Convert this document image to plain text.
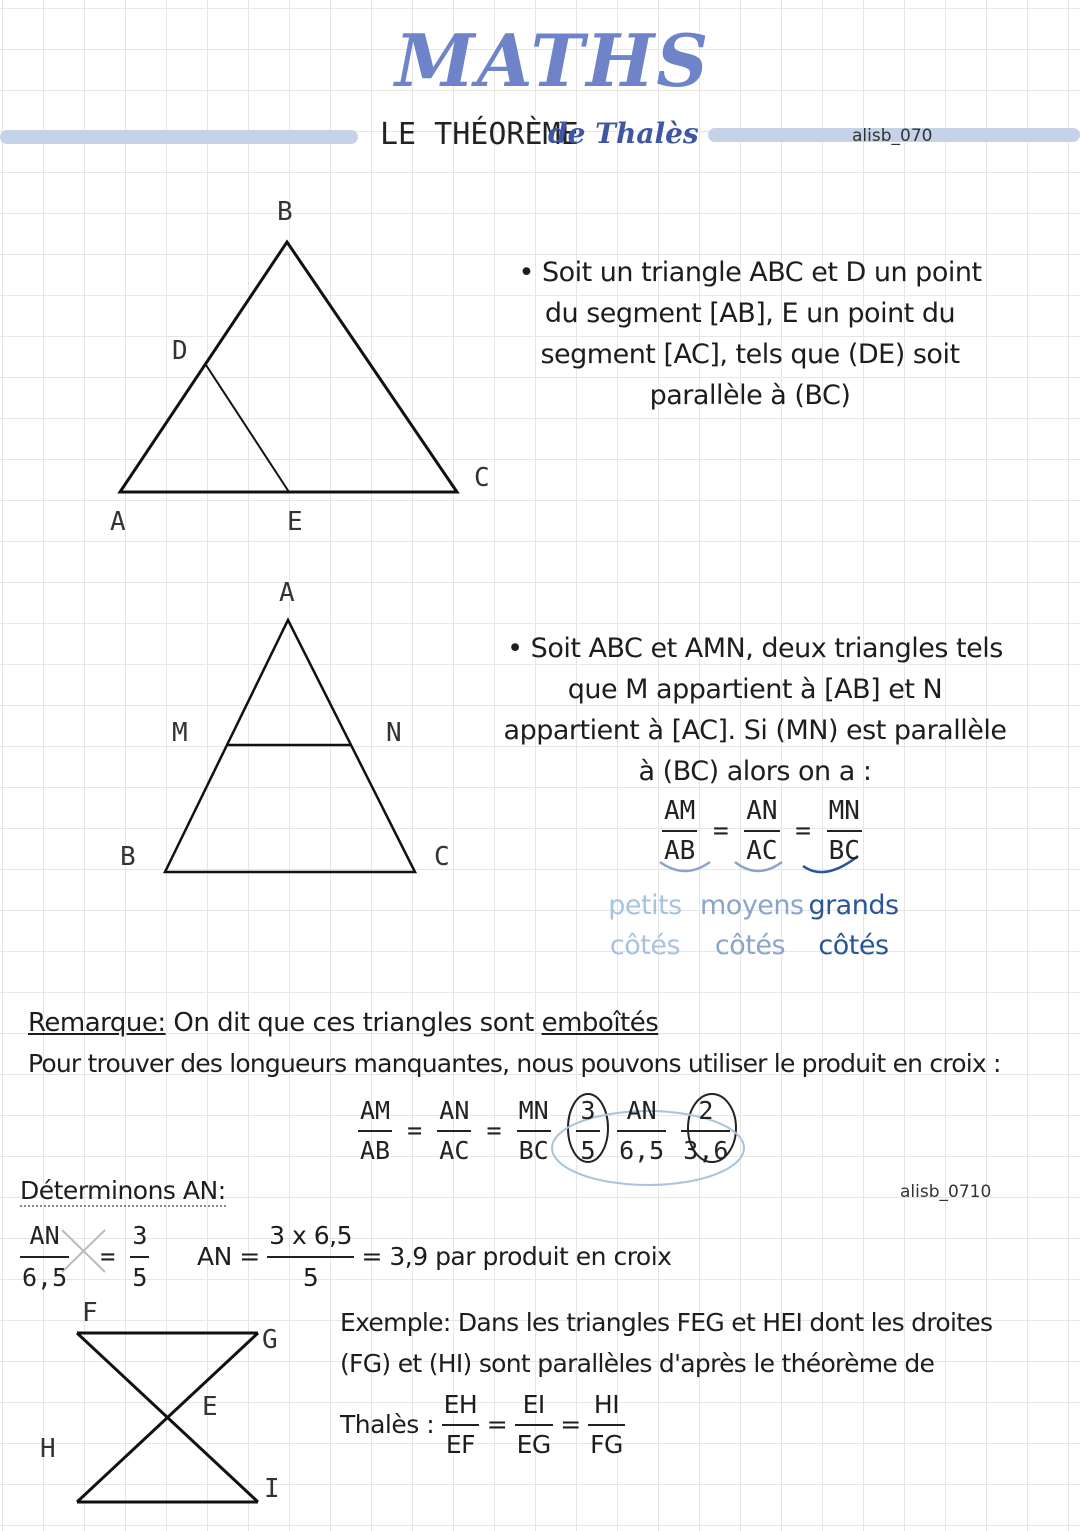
MATHS
LE THÉORÈME
de Thalès	alisb_070
B
D
A	E
C
• Soit un triangle ABC et D un point
du segment [AB], E un point du
segment [AC], tels que (DE) soit
parallèle à (BC)
A
M	N
B	C
• Soit ABC et AMN, deux triangles tels
que M appartient à [AB] et N
appartient à [AC]. Si (MN) est parallèle
à (BC) alors on a :
$\frac{AM}{AB} = \frac{AN}{AC} = \frac{MN}{BC}$
petits
côtés
moyens
côtés
grands
côtés
Remarque: On dit que ces triangles sont emboîtés
Pour trouver des longueurs manquantes, nous pouvons utiliser le produit en croix :
$\frac{AM}{AB} = \frac{AN}{AC} = \frac{MN}{BC} \frac{3}{5}$
$\frac{AN}{6,5}$
$\frac{2}{3,6}$
alisb_0710
Déterminons AN:
$\frac{AN}{6,5} = \frac{3}{5}$ AN = $\frac{3 x 6,5}{5} = 3,9$ par produit en croix
F
G
E
H
I
Exemple: Dans les triangles FEG et HEI dont les droites
(FG) et (HI) sont parallèles d'après le théorème de
Thalès : $\frac{EH}{EF} = \frac{EI}{EG} = \frac{HI}{FG}$
